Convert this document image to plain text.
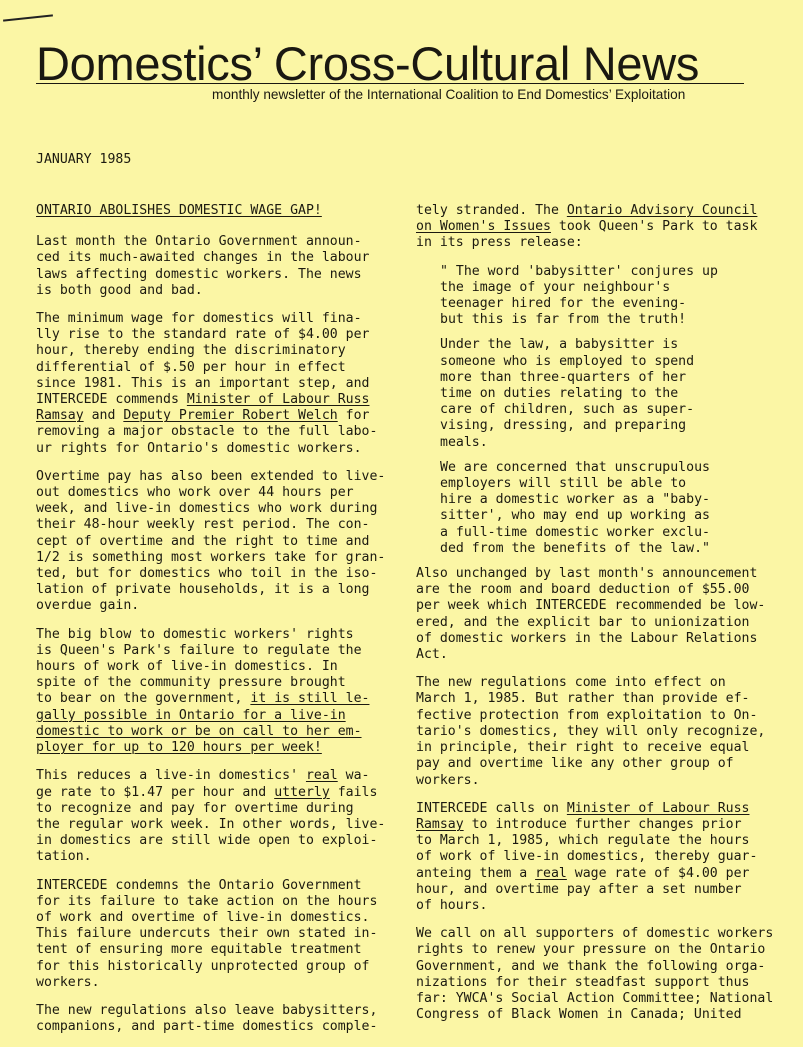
Domestics’ Cross-Cultural News

monthly newsletter of the International Coalition to End Domestics’ Exploitation

JANUARY 1985

ONTARIO ABOLISHES DOMESTIC WAGE GAP!

Last month the Ontario Government announ-
ced its much-awaited changes in the labour
laws affecting domestic workers. The news
is both good and bad.

The minimum wage for domestics will fina-
lly rise to the standard rate of $4.00 per
hour, thereby ending the discriminatory
differential of $.50 per hour in effect
since 1981. This is an important step, and
INTERCEDE commends Minister of Labour Russ
Ramsay and Deputy Premier Robert Welch for
removing a major obstacle to the full labo-
ur rights for Ontario's domestic workers.

Overtime pay has also been extended to live-
out domestics who work over 44 hours per
week, and live-in domestics who work during
their 48-hour weekly rest period. The con-
cept of overtime and the right to time and
1/2 is something most workers take for gran-
ted, but for domestics who toil in the iso-
lation of private households, it is a long
overdue gain.

The big blow to domestic workers' rights
is Queen's Park's failure to regulate the
hours of work of live-in domestics. In
spite of the community pressure brought
to bear on the government, it is still le-
gally possible in Ontario for a live-in
domestic to work or be on call to her em-
ployer for up to 120 hours per week!

This reduces a live-in domestics' real wa-
ge rate to $1.47 per hour and utterly fails
to recognize and pay for overtime during
the regular work week. In other words, live-
in domestics are still wide open to exploi-
tation.

INTERCEDE condemns the Ontario Government
for its failure to take action on the hours
of work and overtime of live-in domestics.
This failure undercuts their own stated in-
tent of ensuring more equitable treatment
for this historically unprotected group of
workers.

The new regulations also leave babysitters,
companions, and part-time domestics comple-

tely stranded. The Ontario Advisory Council
on Women's Issues took Queen's Park to task
in its press release:

" The word 'babysitter' conjures up
the image of your neighbour's
teenager hired for the evening-
but this is far from the truth!

Under the law, a babysitter is
someone who is employed to spend
more than three-quarters of her
time on duties relating to the
care of children, such as super-
vising, dressing, and preparing
meals.

We are concerned that unscrupulous
employers will still be able to
hire a domestic worker as a "baby-
sitter', who may end up working as
a full-time domestic worker exclu-
ded from the benefits of the law."

Also unchanged by last month's announcement
are the room and board deduction of $55.00
per week which INTERCEDE recommended be low-
ered, and the explicit bar to unionization
of domestic workers in the Labour Relations
Act.

The new regulations come into effect on
March 1, 1985. But rather than provide ef-
fective protection from exploitation to On-
tario's domestics, they will only recognize,
in principle, their right to receive equal
pay and overtime like any other group of
workers.

INTERCEDE calls on Minister of Labour Russ
Ramsay to introduce further changes prior
to March 1, 1985, which regulate the hours
of work of live-in domestics, thereby guar-
anteing them a real wage rate of $4.00 per
hour, and overtime pay after a set number
of hours.

We call on all supporters of domestic workers
rights to renew your pressure on the Ontario
Government, and we thank the following orga-
nizations for their steadfast support thus
far: YWCA's Social Action Committee; National
Congress of Black Women in Canada; United
